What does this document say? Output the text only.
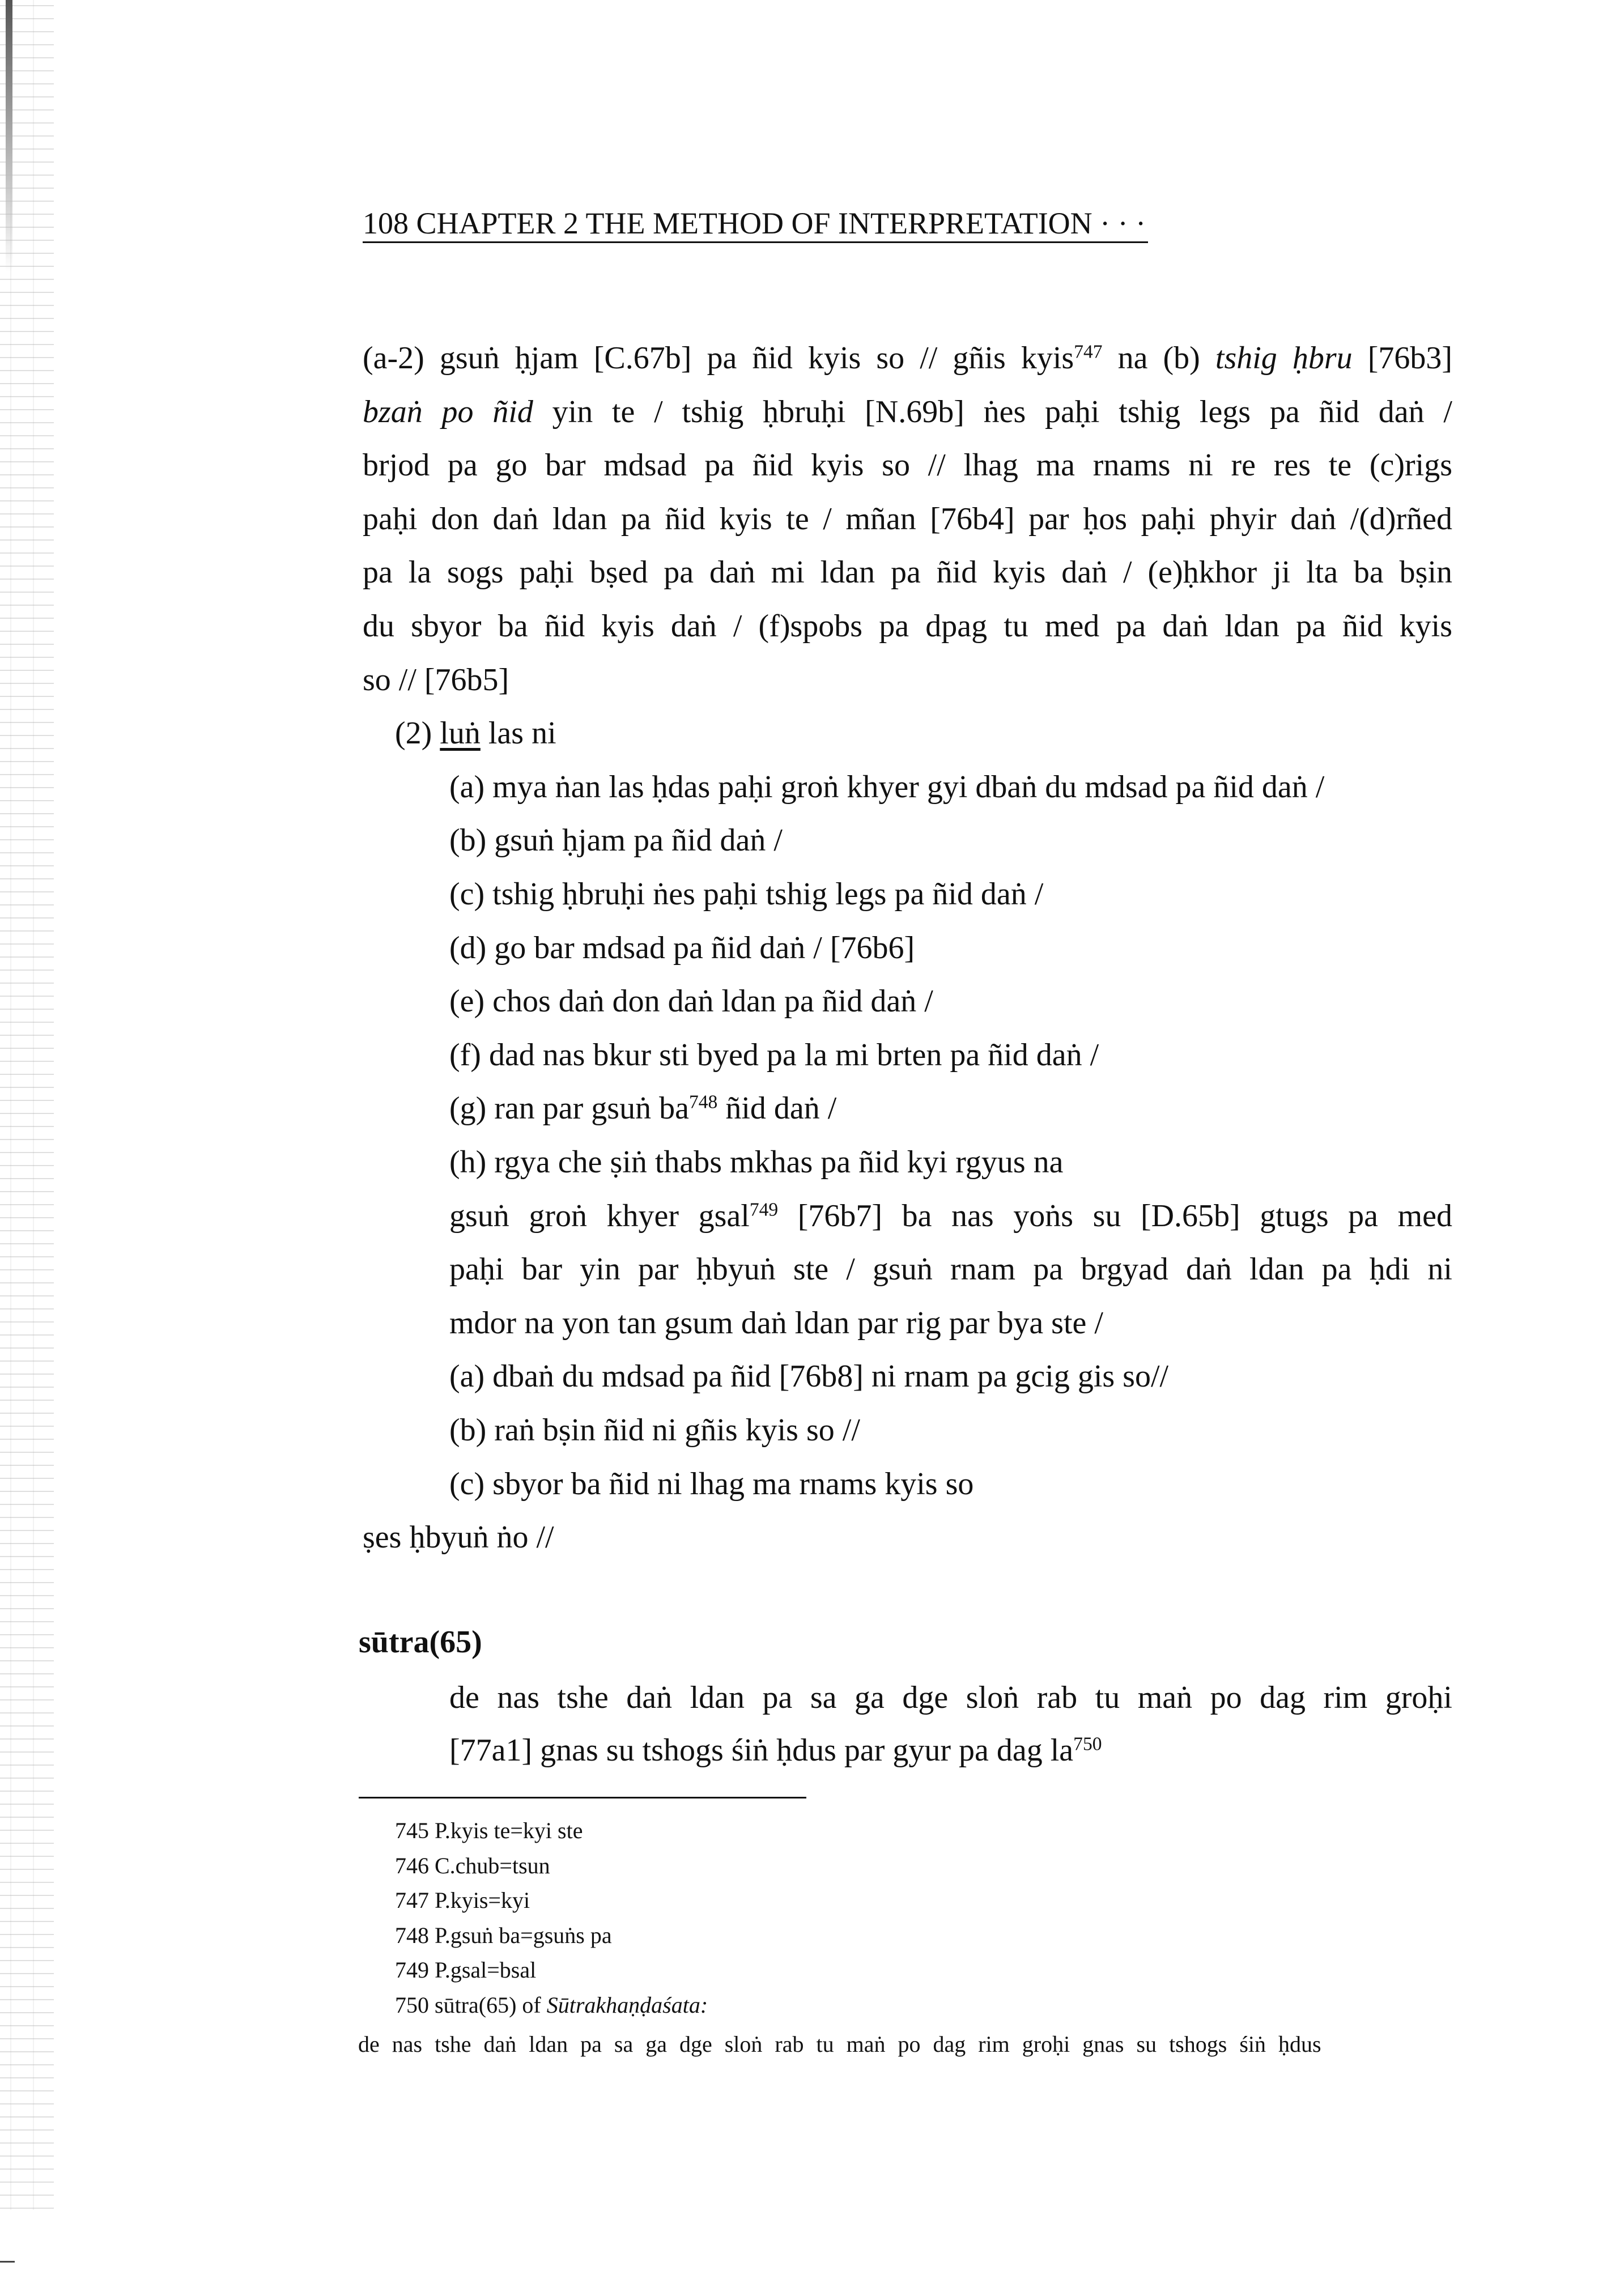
108 CHAPTER 2 THE METHOD OF INTERPRETATION · · ·
(a-2) gsuṅ ḥjam [C.67b] pa ñid kyis so // gñis kyis$^{747}$ na (b) tshig ḥbru [76b3]
bzaṅ po ñid yin te / tshig ḥbruḥi [N.69b] ṅes paḥi tshig legs pa ñid daṅ /
brjod pa go bar mdsad pa ñid kyis so // lhag ma rnams ni re res te (c)rigs
paḥi don daṅ ldan pa ñid kyis te / mñan [76b4] par ḥos paḥi phyir daṅ /(d)rñed
pa la sogs paḥi bṣed pa daṅ mi ldan pa ñid kyis daṅ / (e)ḥkhor ji lta ba bṣin
du sbyor ba ñid kyis daṅ / (f)spobs pa dpag tu med pa daṅ ldan pa ñid kyis
so // [76b5]
(2) luṅ las ni
(a) mya ṅan las ḥdas paḥi groṅ khyer gyi dbaṅ du mdsad pa ñid daṅ /
(b) gsuṅ ḥjam pa ñid daṅ /
(c) tshig ḥbruḥi ṅes paḥi tshig legs pa ñid daṅ /
(d) go bar mdsad pa ñid daṅ / [76b6]
(e) chos daṅ don daṅ ldan pa ñid daṅ /
(f) dad nas bkur sti byed pa la mi brten pa ñid daṅ /
(g) ran par gsuṅ $ba^{748}$ ñid daṅ /
(h) rgya che ṣiṅ thabs mkhas pa ñid kyi rgyus na
gsuṅ groṅ khyer gsal$^{749}$ [76b7] ba nas yoṅs su [D.65b] gtugs pa med
paḥi bar yin par ḥbyuṅ ste / gsuṅ rnam pa brgyad daṅ ldan pa ḥdi ni
mdor na yon tan gsum daṅ ldan par rig par bya ste /
(a) dbaṅ du mdsad pa ñid [76b8] ni rnam pa gcig gis so//
(b) raṅ bṣin ñid ni gñis kyis so //
(c) sbyor ba ñid ni lhag ma rnams kyis so
ṣes ḥbyuṅ ṅo //
sūtra(65)
de nas tshe daṅ ldan pa sa ga dge sloṅ rab tu maṅ po dag rim groḥi
[77a1] gnas su tshogs śiṅ ḥdus par gyur pa dag $la^{750}$
745 P.kyis te=kyi ste
746 C.chub=tsun
747 P.kyis=kyi
748 P.gsuṅ ba=gsuṅs pa
749 P.gsal=bsal
750 sūtra(65) of Sūtrakhaṇḍaśata:
de nas tshe daṅ ldan pa sa ga dge sloṅ rab tu maṅ po dag rim groḥi gnas su tshogs śiṅ ḥdus
